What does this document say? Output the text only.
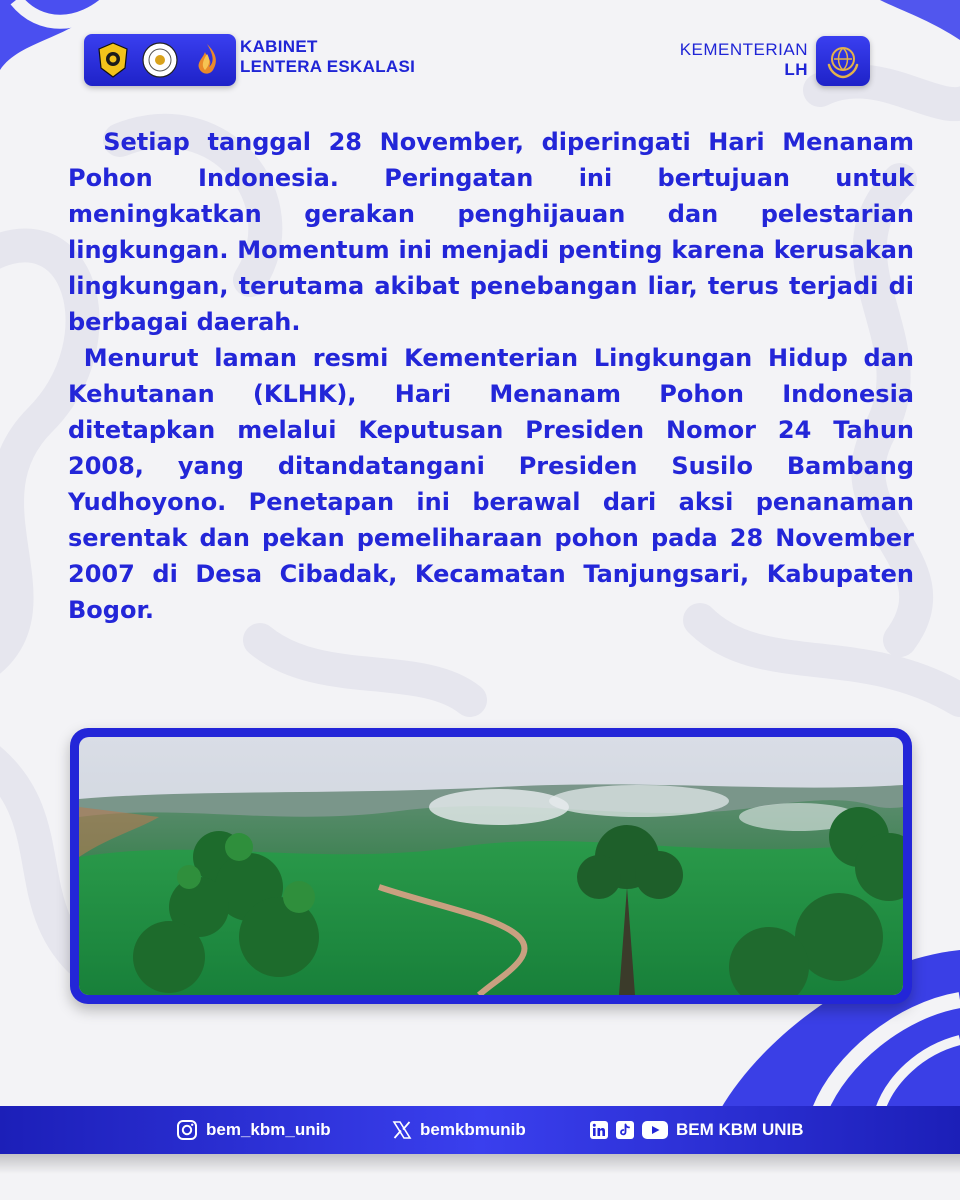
KABINET
LENTERA ESKALASI
KEMENTERIAN
LH

Setiap tanggal 28 November, diperingati Hari Menanam Pohon Indonesia. Peringatan ini bertujuan untuk meningkatkan gerakan penghijauan dan pelestarian lingkungan. Momentum ini menjadi penting karena kerusakan lingkungan, terutama akibat penebangan liar, terus terjadi di berbagai daerah.

Menurut laman resmi Kementerian Lingkungan Hidup dan Kehutanan (KLHK), Hari Menanam Pohon Indonesia ditetapkan melalui Keputusan Presiden Nomor 24 Tahun 2008, yang ditandatangani Presiden Susilo Bambang Yudhoyono. Penetapan ini berawal dari aksi penanaman serentak dan pekan pemeliharaan pohon pada 28 November 2007 di Desa Cibadak, Kecamatan Tanjungsari, Kabupaten Bogor.

bem_kbm_unib	bemkbmunib	BEM KBM UNIB
